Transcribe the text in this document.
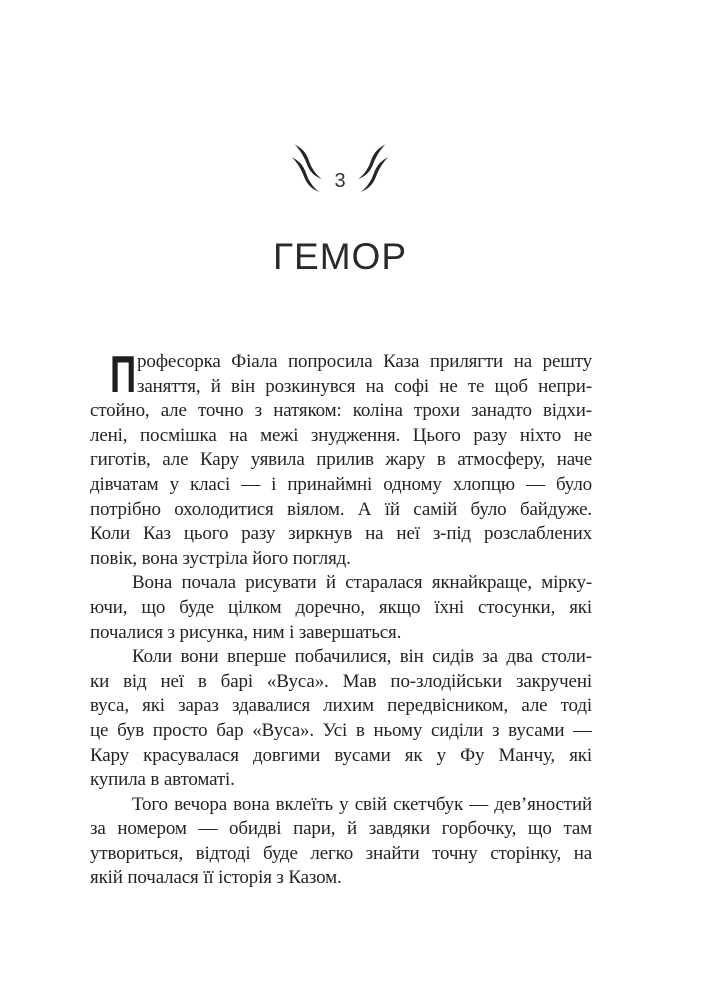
3
ГЕМОР
П рофесорка Фіала попросила Каза прилягти на решту
заняття, й він розкинувся на софі не те щоб непри-
стойно, але точно з натяком: коліна трохи занадто відхи-
лені, посмішка на межі знудження. Цього разу ніхто не
гиготів, але Кару уявила прилив жару в атмосферу, наче
дівчатам у класі — і принаймні одному хлопцю — було
потрібно охолодитися віялом. А їй самій було байдуже.
Коли Каз цього разу зиркнув на неї з-під розслаблених
повік, вона зустріла його погляд.
Вона почала рисувати й старалася якнайкраще, мірку-
ючи, що буде цілком доречно, якщо їхні стосунки, які
почалися з рисунка, ним і завершаться.
Коли вони вперше побачилися, він сидів за два столи-
ки від неї в барі «Вуса». Мав по-злодійськи закручені
вуса, які зараз здавалися лихим передвісником, але тоді
це був просто бар «Вуса». Усі в ньому сиділи з вусами —
Кару красувалася довгими вусами як у Фу Манчу, які
купила в автоматі.
Того вечора вона вклеїть у свій скетчбук — дев’яностий
за номером — обидві пари, й завдяки горбочку, що там
утвориться, відтоді буде легко знайти точну сторінку, на
якій почалася її історія з Казом.
